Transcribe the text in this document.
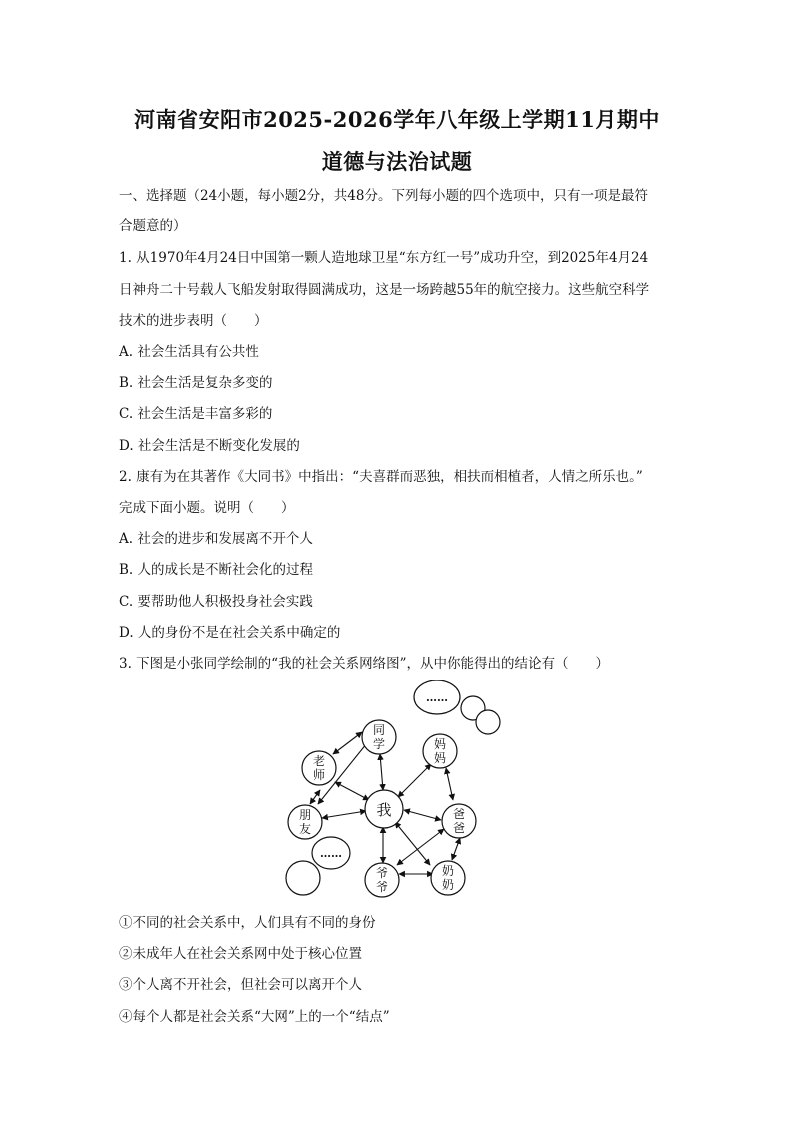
河南省安阳市2025-2026学年八年级上学期11月期中
道德与法治试题
一、选择题（24小题，每小题2分，共48分。下列每小题的四个选项中，只有一项是最符
合题意的）
1. 从1970年4月24日中国第一颗人造地球卫星“东方红一号”成功升空，到2025年4月24
日神舟二十号载人飞船发射取得圆满成功，这是一场跨越55年的航空接力。这些航空科学
技术的进步表明（　　）
A. 社会生活具有公共性
B. 社会生活是复杂多变的
C. 社会生活是丰富多彩的
D. 社会生活是不断变化发展的
2. 康有为在其著作《大同书》中指出：“夫喜群而恶独，相扶而相植者，人情之所乐也。”
完成下面小题。说明（　　）
A. 社会的进步和发展离不开个人
B. 人的成长是不断社会化的过程
C. 要帮助他人积极投身社会实践
D. 人的身份不是在社会关系中确定的
3. 下图是小张同学绘制的“我的社会关系网络图”，从中你能得出的结论有（　　）
同
学
老
师
妈
妈
朋
友
我	爸
爸
爷
爷
奶
奶
……
……
①不同的社会关系中，人们具有不同的身份
②未成年人在社会关系网中处于核心位置
③个人离不开社会，但社会可以离开个人
④每个人都是社会关系“大网”上的一个“结点”
